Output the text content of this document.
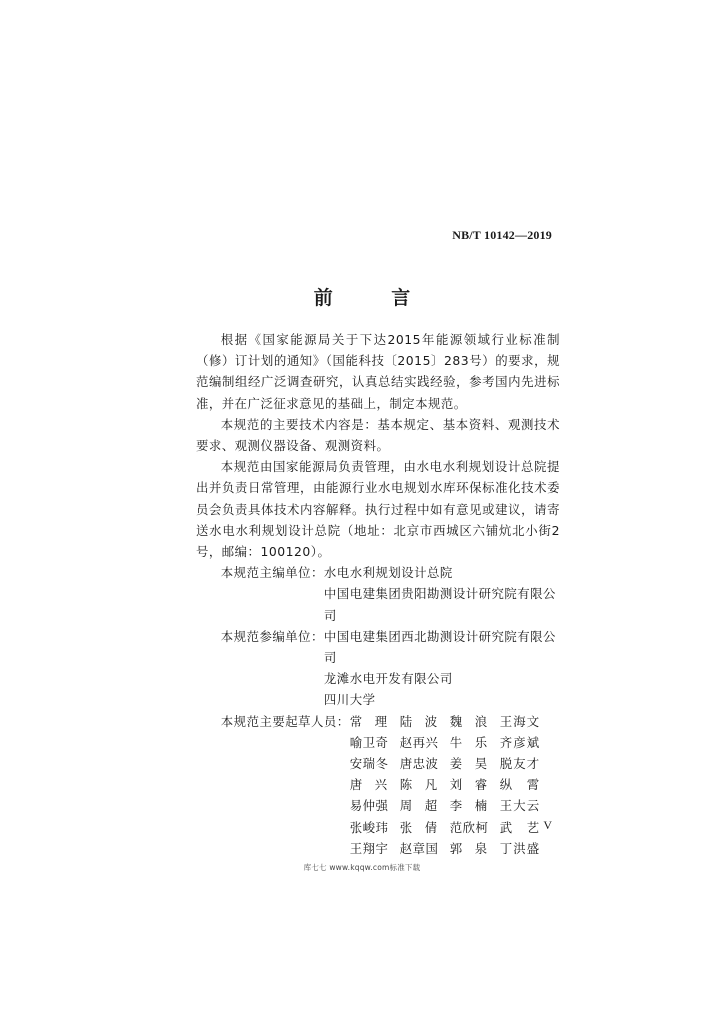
NB/T 10142—2019
前 言

根据《国家能源局关于下达2015年能源领域行业标准制（修）订计划的通知》（国能科技〔2015〕283号）的要求，规范编制组经广泛调查研究，认真总结实践经验，参考国内先进标准，并在广泛征求意见的基础上，制定本规范。

本规范的主要技术内容是：基本规定、基本资料、观测技术要求、观测仪器设备、观测资料。

本规范由国家能源局负责管理，由水电水利规划设计总院提出并负责日常管理，由能源行业水电规划水库环保标准化技术委员会负责具体技术内容解释。执行过程中如有意见或建议，请寄送水电水利规划设计总院（地址：北京市西城区六铺炕北小街2号，邮编：100120）。

本规范主编单位： 水电水利规划设计总院
中国电建集团贵阳勘测设计研究院有限公司
本规范参编单位： 中国电建集团西北勘测设计研究院有限公司
龙滩水电开发有限公司
四川大学
本规范主要起草人员： 常 理 陆 波 魏 浪 王海文
喻卫奇 赵再兴 牛 乐 齐彦斌
安瑞冬 唐忠波 姜 昊 脱友才
唐 兴 陈 凡 刘 睿 纵 霄
易仲强 周 超 李 楠 王大云
张峻玮 张 倩 范欣柯 武 艺
王翔宇 赵章国 郭 泉 丁洪盛
V
库七七 www.kqqw.com标准下载
